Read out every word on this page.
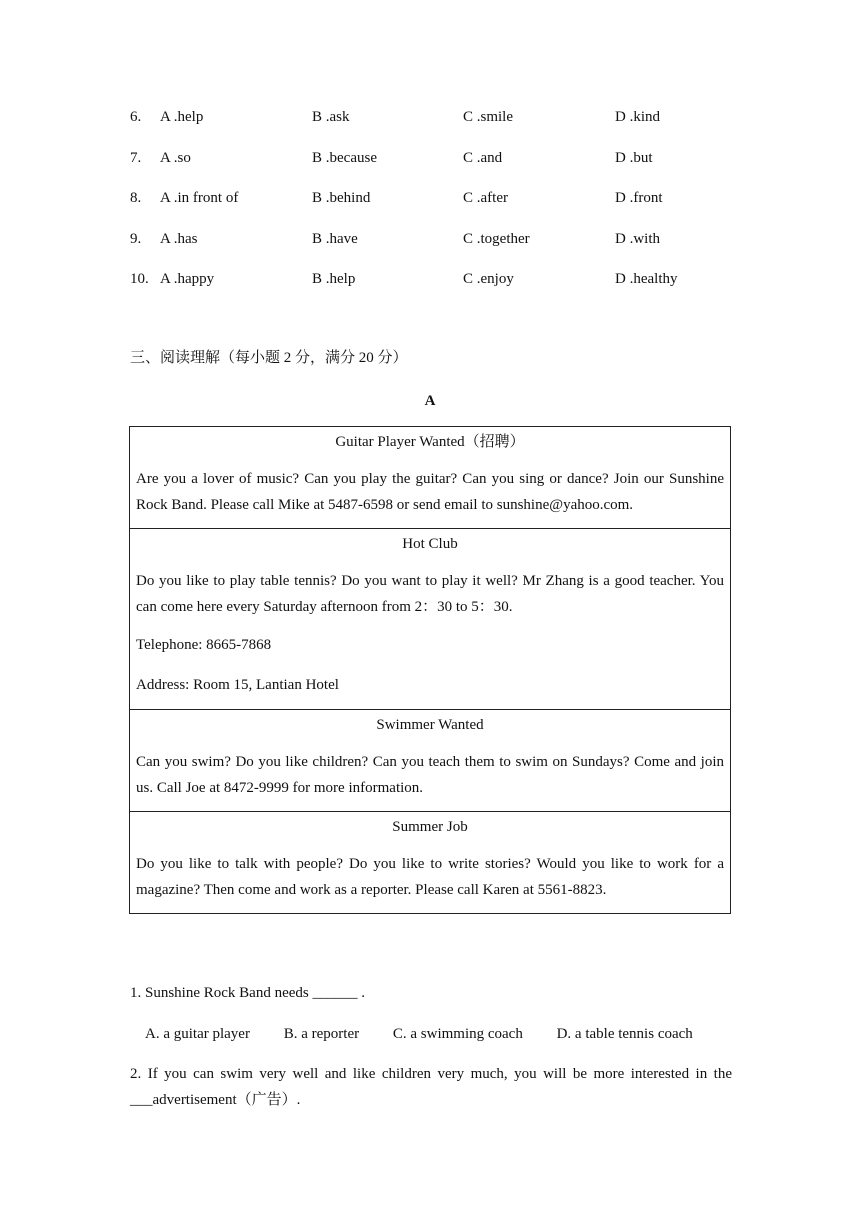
6. A .help	B .ask	C .smile	D .kind
7. A .so	B .because	C .and	D .but
8. A .in front of	B .behind	C .after	D .front
9. A .has	B .have	C .together	D .with
10. A .happy	B .help	C .enjoy	D .healthy
三、阅读理解（每小题 2 分，满分 20 分）
A
Guitar Player Wanted（招聘）
Are you a lover of music? Can you play the guitar? Can you sing or dance? Join our Sunshine Rock Band. Please call Mike at 5487-6598 or send email to sunshine@yahoo.com.
Hot Club
Do you like to play table tennis? Do you want to play it well? Mr Zhang is a good teacher. You can come here every Saturday afternoon from 2：30 to 5：30.
Telephone: 8665-7868
Address: Room 15, Lantian Hotel
Swimmer Wanted
Can you swim? Do you like children? Can you teach them to swim on Sundays? Come and join us. Call Joe at 8472-9999 for more information.
Summer Job
Do you like to talk with people? Do you like to write stories? Would you like to work for a magazine? Then come and work as a reporter. Please call Karen at 5561-8823.
1. Sunshine Rock Band needs ______ .
A. a guitar player B. a reporter C. a swimming coach D. a table tennis coach
2. If you can swim very well and like children very much, you will be more interested in the ___advertisement（广告）.
